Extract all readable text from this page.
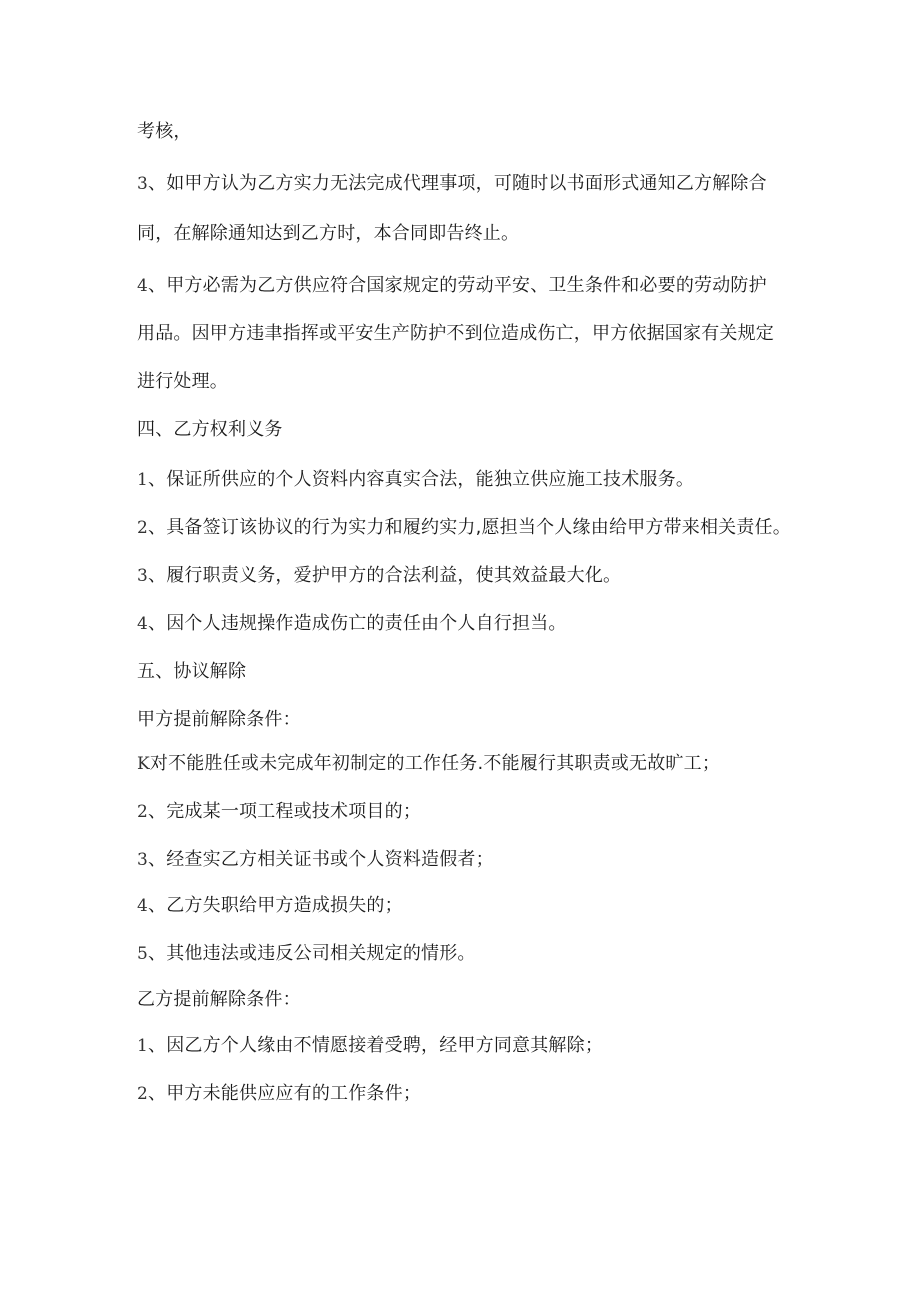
考核，

3、如甲方认为乙方实力无法完成代理事项，可随时以书面形式通知乙方解除合

同，在解除通知达到乙方时，本合同即告终止。

4、甲方必需为乙方供应符合国家规定的劳动平安、卫生条件和必要的劳动防护

用品。因甲方违聿指挥或平安生产防护不到位造成伤亡，甲方依据国家有关规定

进行处理。

四、乙方权利义务

1、保证所供应的个人资料内容真实合法，能独立供应施工技术服务。

2、具备签订该协议的行为实力和履约实力,愿担当个人缘由给甲方带来相关责任。

3、履行职责义务，爱护甲方的合法利益，使其效益最大化。

4、因个人违规操作造成伤亡的责任由个人自行担当。

五、协议解除

甲方提前解除条件：

K对不能胜任或未完成年初制定的工作任务.不能履行其职责或无故旷工；

2、完成某一项工程或技术项目的；

3、经查实乙方相关证书或个人资料造假者；

4、乙方失职给甲方造成损失的；

5、其他违法或违反公司相关规定的情形。

乙方提前解除条件：

1、因乙方个人缘由不情愿接着受聘，经甲方同意其解除；

2、甲方未能供应应有的工作条件；
